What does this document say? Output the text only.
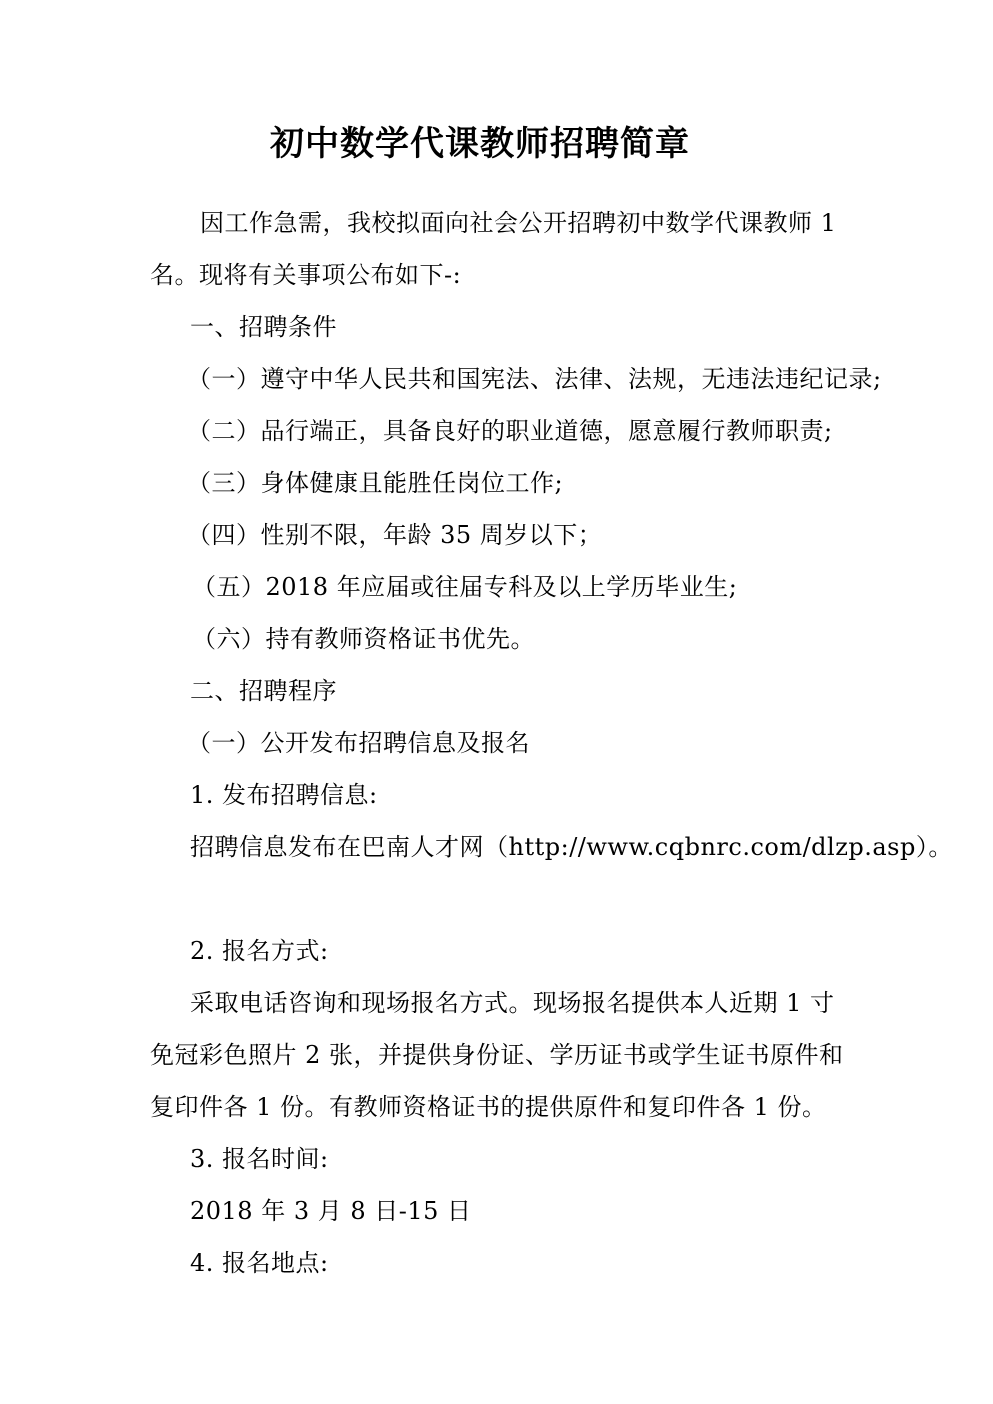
初中数学代课教师招聘简章
因工作急需，我校拟面向社会公开招聘初中数学代课教师 1
名。现将有关事项公布如下-:
一、招聘条件
（一）遵守中华人民共和国宪法、法律、法规，无违法违纪记录;
（二）品行端正，具备良好的职业道德，愿意履行教师职责;
（三）身体健康且能胜任岗位工作;
（四）性别不限，年龄 35 周岁以下；
（五）2018 年应届或往届专科及以上学历毕业生;
（六）持有教师资格证书优先。
二、招聘程序
（一）公开发布招聘信息及报名
1. 发布招聘信息:
招聘信息发布在巴南人才网（http://www.cqbnrc.com/dlzp.asp）。
2. 报名方式:
采取电话咨询和现场报名方式。现场报名提供本人近期 1 寸
免冠彩色照片 2 张，并提供身份证、学历证书或学生证书原件和
复印件各 1 份。有教师资格证书的提供原件和复印件各 1 份。
3. 报名时间:
2018 年 3 月 8 日-15 日
4. 报名地点:
